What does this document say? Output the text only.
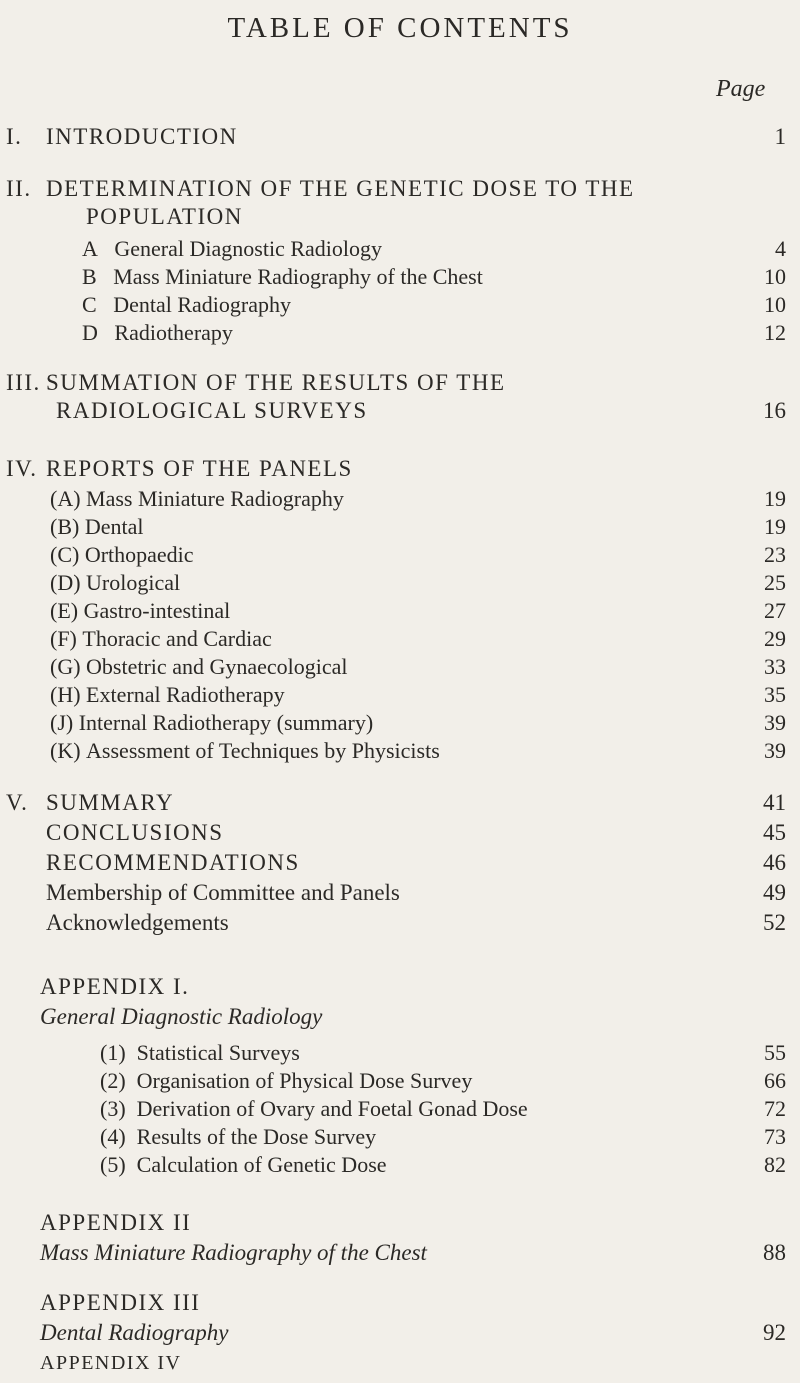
TABLE OF CONTENTS
Page
I. INTRODUCTION	1
II. DETERMINATION OF THE GENETIC DOSE TO THE
POPULATION
A General Diagnostic Radiology	4
B Mass Miniature Radiography of the Chest	10
C Dental Radiography	10
D Radiotherapy	12
III. SUMMATION OF THE RESULTS OF THE
RADIOLOGICAL SURVEYS	16
IV. REPORTS OF THE PANELS
(A) Mass Miniature Radiography	19
(B) Dental	19
(C) Orthopaedic	23
(D) Urological	25
(E) Gastro-intestinal	27
(F) Thoracic and Cardiac	29
(G) Obstetric and Gynaecological	33
(H) External Radiotherapy	35
(J) Internal Radiotherapy (summary)	39
(K) Assessment of Techniques by Physicists	39
V. SUMMARY	41
CONCLUSIONS	45
RECOMMENDATIONS	46
Membership of Committee and Panels	49
Acknowledgements	52
APPENDIX I.
General Diagnostic Radiology
(1) Statistical Surveys	55
(2) Organisation of Physical Dose Survey	66
(3) Derivation of Ovary and Foetal Gonad Dose	72
(4) Results of the Dose Survey	73
(5) Calculation of Genetic Dose	82
APPENDIX II
Mass Miniature Radiography of the Chest	88
APPENDIX III
Dental Radiography	92
APPENDIX IV
